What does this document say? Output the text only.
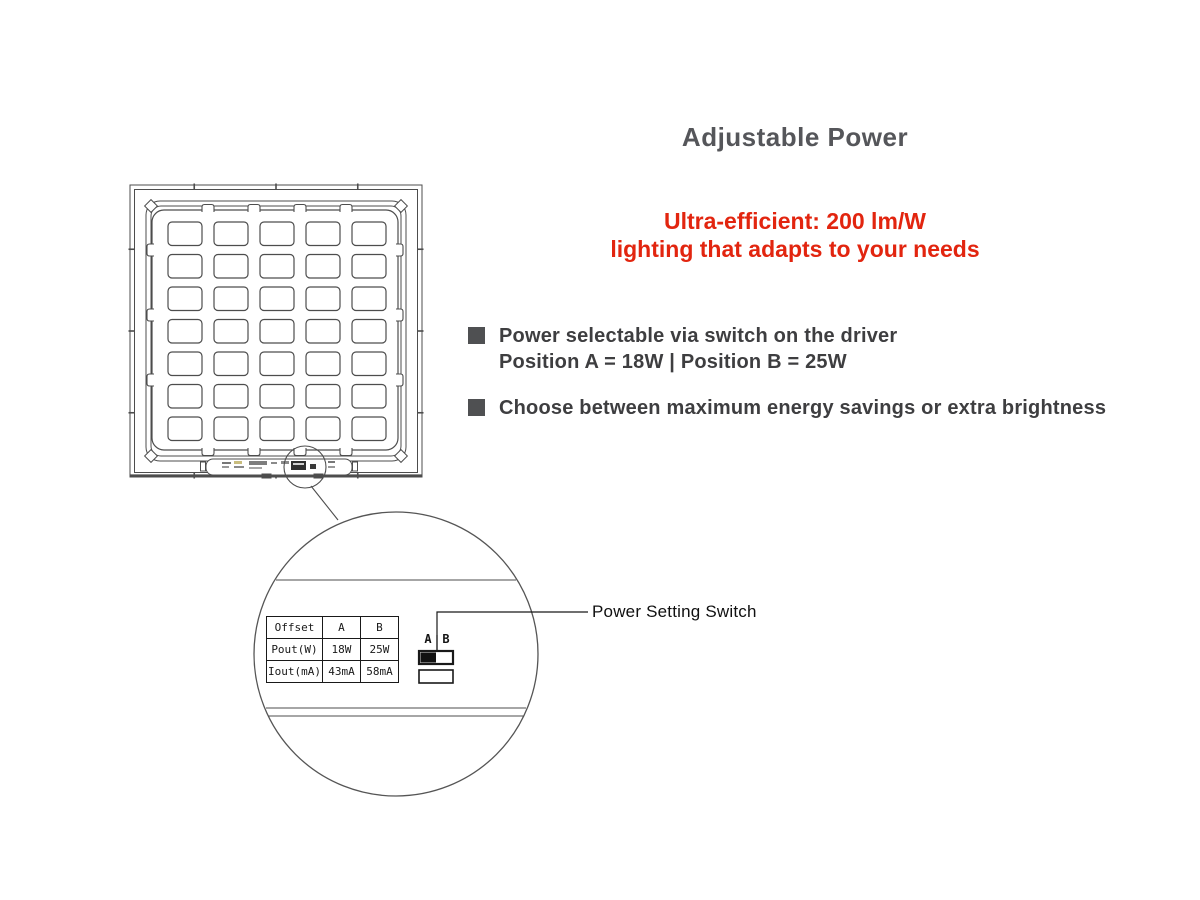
Adjustable Power
Ultra-efficient: 200 lm/W
lighting that adapts to your needs
Power selectable via switch on the driver
Position A = 18W | Position B = 25W
Choose between maximum energy savings or extra brightness
Power Setting Switch
A B
Offset	A	B
Pout(W)	18W	25W
Iout(mA)	43mA	58mA
